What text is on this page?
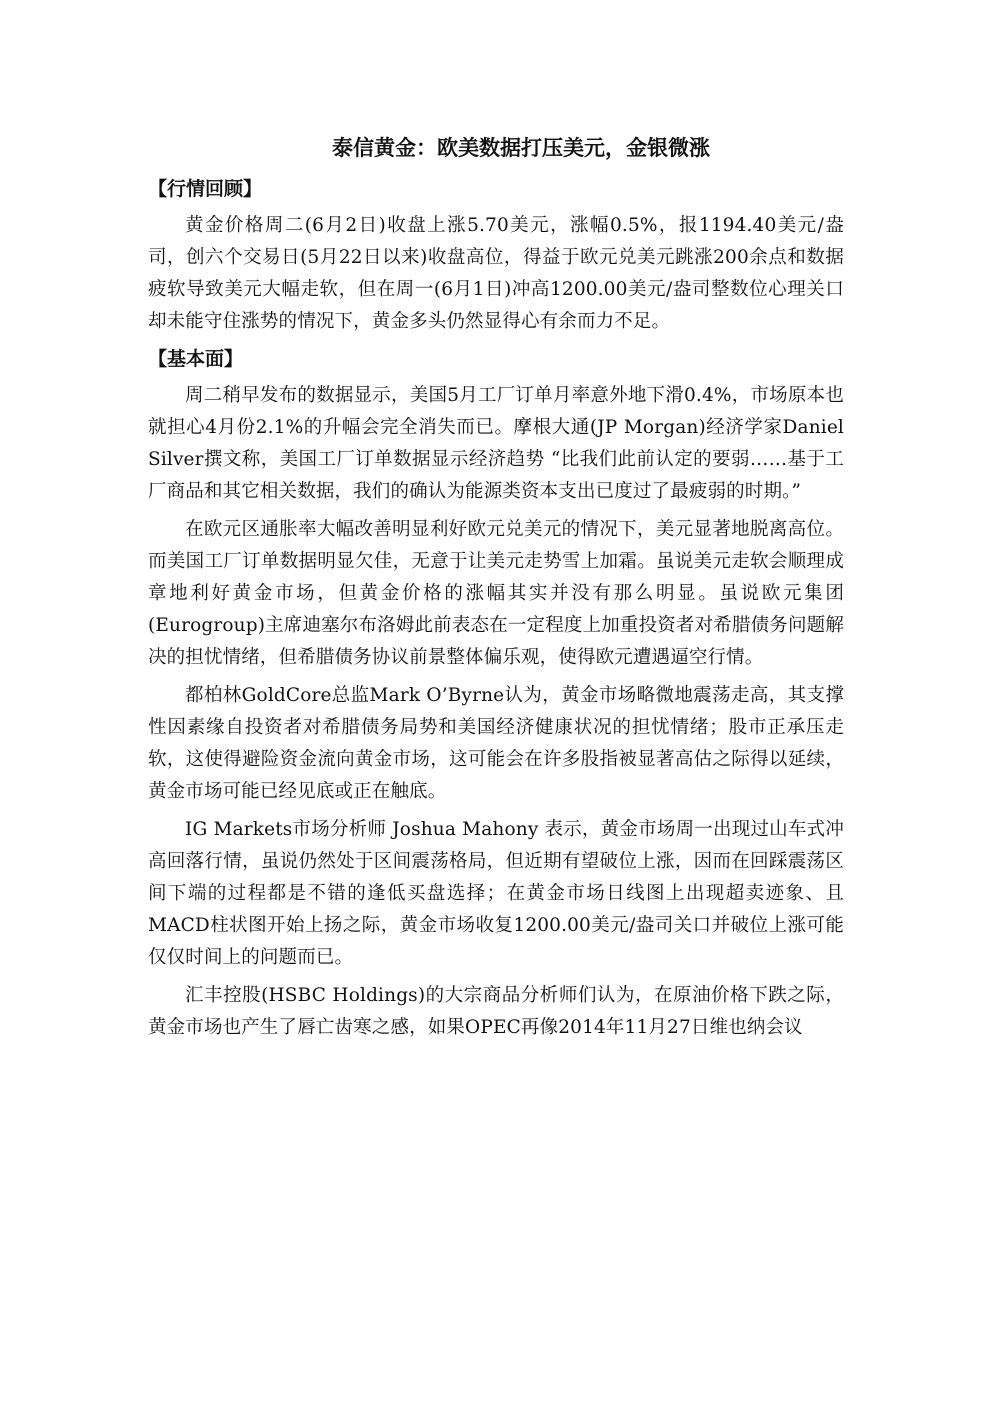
泰信黄金：欧美数据打压美元，金银微涨
【行情回顾】

黄金价格周二(6月2日)收盘上涨5.70美元，涨幅0.5%，报1194.40美元/盎司，创六个交易日(5月22日以来)收盘高位，得益于欧元兑美元跳涨200余点和数据疲软导致美元大幅走软，但在周一(6月1日)冲高1200.00美元/盎司整数位心理关口却未能守住涨势的情况下，黄金多头仍然显得心有余而力不足。

【基本面】

周二稍早发布的数据显示，美国5月工厂订单月率意外地下滑0.4%，市场原本也就担心4月份2.1%的升幅会完全消失而已。摩根大通(JP Morgan)经济学家Daniel Silver撰文称，美国工厂订单数据显示经济趋势 “比我们此前认定的要弱……基于工厂商品和其它相关数据，我们的确认为能源类资本支出已度过了最疲弱的时期。”

在欧元区通胀率大幅改善明显利好欧元兑美元的情况下，美元显著地脱离高位。而美国工厂订单数据明显欠佳，无意于让美元走势雪上加霜。虽说美元走软会顺理成章地利好黄金市场，但黄金价格的涨幅其实并没有那么明显。虽说欧元集团(Eurogroup)主席迪塞尔布洛姆此前表态在一定程度上加重投资者对希腊债务问题解决的担忧情绪，但希腊债务协议前景整体偏乐观，使得欧元遭遇逼空行情。

都柏林GoldCore总监Mark O’Byrne认为，黄金市场略微地震荡走高，其支撑性因素缘自投资者对希腊债务局势和美国经济健康状况的担忧情绪；股市正承压走软，这使得避险资金流向黄金市场，这可能会在许多股指被显著高估之际得以延续，黄金市场可能已经见底或正在触底。

IG Markets市场分析师 Joshua Mahony 表示，黄金市场周一出现过山车式冲高回落行情，虽说仍然处于区间震荡格局，但近期有望破位上涨，因而在回踩震荡区间下端的过程都是不错的逢低买盘选择；在黄金市场日线图上出现超卖迹象、且MACD柱状图开始上扬之际，黄金市场收复1200.00美元/盎司关口并破位上涨可能仅仅时间上的问题而已。

汇丰控股(HSBC Holdings)的大宗商品分析师们认为，在原油价格下跌之际，黄金市场也产生了唇亡齿寒之感，如果OPEC再像2014年11月27日维也纳会议
